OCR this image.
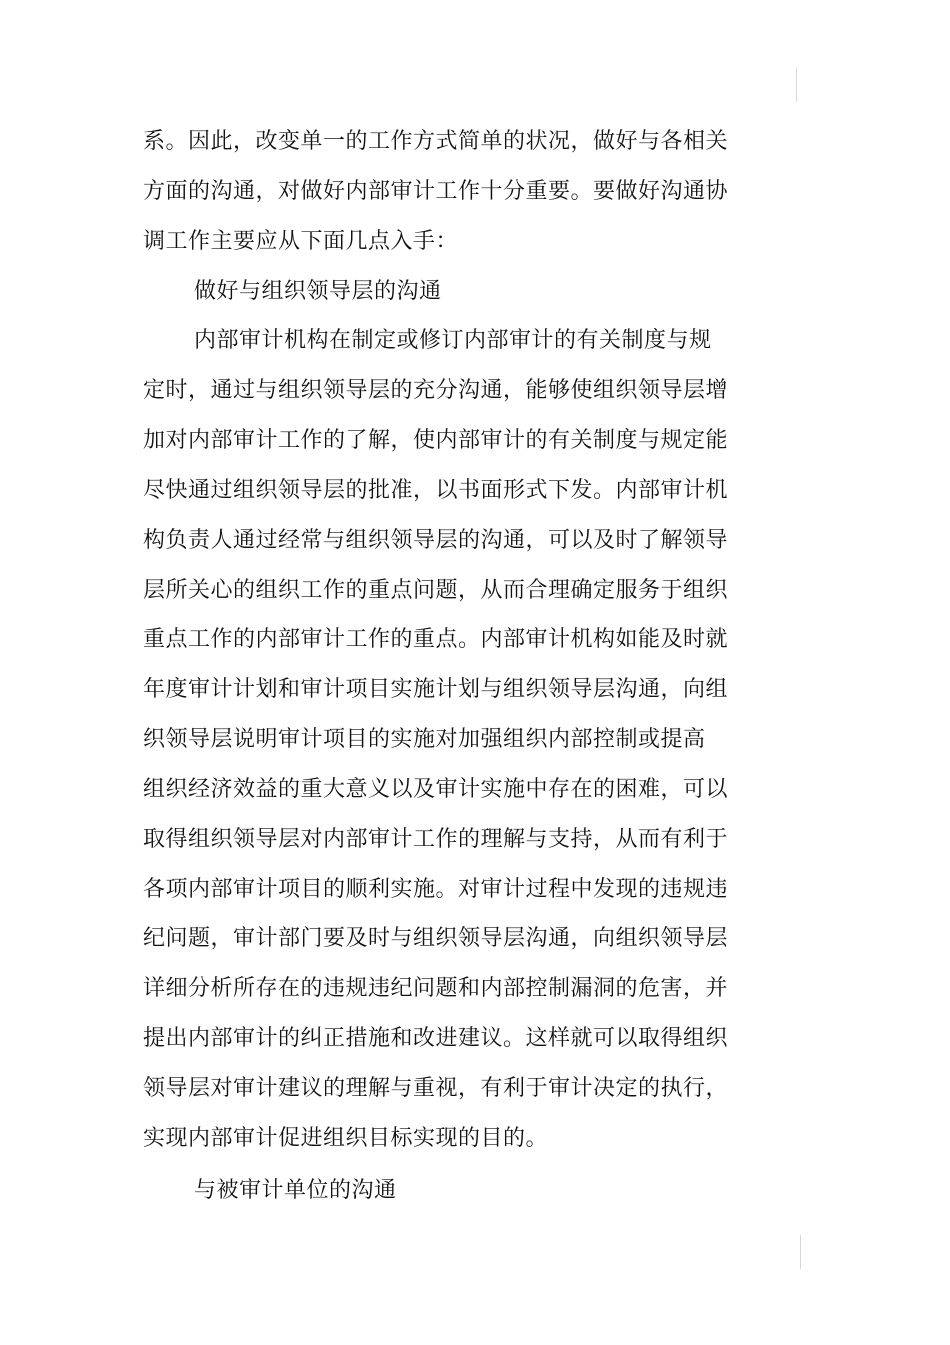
系。因此，改变单一的工作方式简单的状况，做好与各相关
方面的沟通，对做好内部审计工作十分重要。要做好沟通协
调工作主要应从下面几点入手：
做好与组织领导层的沟通
内部审计机构在制定或修订内部审计的有关制度与规
定时，通过与组织领导层的充分沟通，能够使组织领导层增
加对内部审计工作的了解，使内部审计的有关制度与规定能
尽快通过组织领导层的批准，以书面形式下发。内部审计机
构负责人通过经常与组织领导层的沟通，可以及时了解领导
层所关心的组织工作的重点问题，从而合理确定服务于组织
重点工作的内部审计工作的重点。内部审计机构如能及时就
年度审计计划和审计项目实施计划与组织领导层沟通，向组
织领导层说明审计项目的实施对加强组织内部控制或提高
组织经济效益的重大意义以及审计实施中存在的困难，可以
取得组织领导层对内部审计工作的理解与支持，从而有利于
各项内部审计项目的顺利实施。对审计过程中发现的违规违
纪问题，审计部门要及时与组织领导层沟通，向组织领导层
详细分析所存在的违规违纪问题和内部控制漏洞的危害，并
提出内部审计的纠正措施和改进建议。这样就可以取得组织
领导层对审计建议的理解与重视，有利于审计决定的执行，
实现内部审计促进组织目标实现的目的。
与被审计单位的沟通
